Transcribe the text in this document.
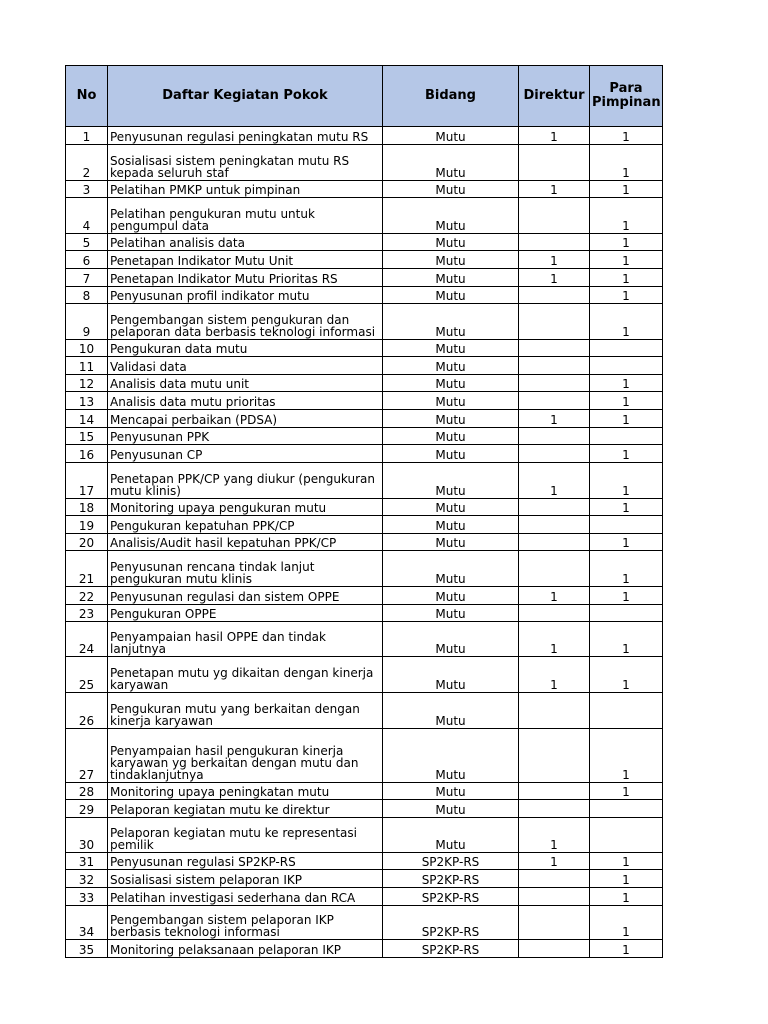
No	Daftar Kegiatan Pokok	Bidang	Direktur	Para Pimpinan
1	Penyusunan regulasi peningkatan mutu RS	Mutu	1	1
2	Sosialisasi sistem peningkatan mutu RS kepada seluruh staf	Mutu		1
3	Pelatihan PMKP untuk pimpinan	Mutu	1	1
4	Pelatihan pengukuran mutu untuk pengumpul data	Mutu		1
5	Pelatihan analisis data	Mutu		1
6	Penetapan Indikator Mutu Unit	Mutu	1	1
7	Penetapan Indikator Mutu Prioritas RS	Mutu	1	1
8	Penyusunan profil indikator mutu	Mutu		1
9	Pengembangan sistem pengukuran dan pelaporan data berbasis teknologi informasi	Mutu		1
10	Pengukuran data mutu	Mutu		
11	Validasi data	Mutu		
12	Analisis data mutu unit	Mutu		1
13	Analisis data mutu prioritas	Mutu		1
14	Mencapai perbaikan (PDSA)	Mutu	1	1
15	Penyusunan PPK	Mutu		
16	Penyusunan CP	Mutu		1
17	Penetapan PPK/CP yang diukur (pengukuran mutu klinis)	Mutu	1	1
18	Monitoring upaya pengukuran mutu	Mutu		1
19	Pengukuran kepatuhan PPK/CP	Mutu		
20	Analisis/Audit hasil kepatuhan PPK/CP	Mutu		1
21	Penyusunan rencana tindak lanjut pengukuran mutu klinis	Mutu		1
22	Penyusunan regulasi dan sistem OPPE	Mutu	1	1
23	Pengukuran OPPE	Mutu		
24	Penyampaian hasil OPPE dan tindak lanjutnya	Mutu	1	1
25	Penetapan mutu yg dikaitan dengan kinerja karyawan	Mutu	1	1
26	Pengukuran mutu yang berkaitan dengan kinerja karyawan	Mutu		
27	Penyampaian hasil pengukuran kinerja karyawan yg berkaitan dengan mutu dan tindaklanjutnya	Mutu		1
28	Monitoring upaya peningkatan mutu	Mutu		1
29	Pelaporan kegiatan mutu ke direktur	Mutu		
30	Pelaporan kegiatan mutu ke representasi pemilik	Mutu	1	
31	Penyusunan regulasi SP2KP-RS	SP2KP-RS	1	1
32	Sosialisasi sistem pelaporan IKP	SP2KP-RS		1
33	Pelatihan investigasi sederhana dan RCA	SP2KP-RS		1
34	Pengembangan sistem pelaporan IKP berbasis teknologi informasi	SP2KP-RS		1
35	Monitoring pelaksanaan pelaporan IKP	SP2KP-RS		1
